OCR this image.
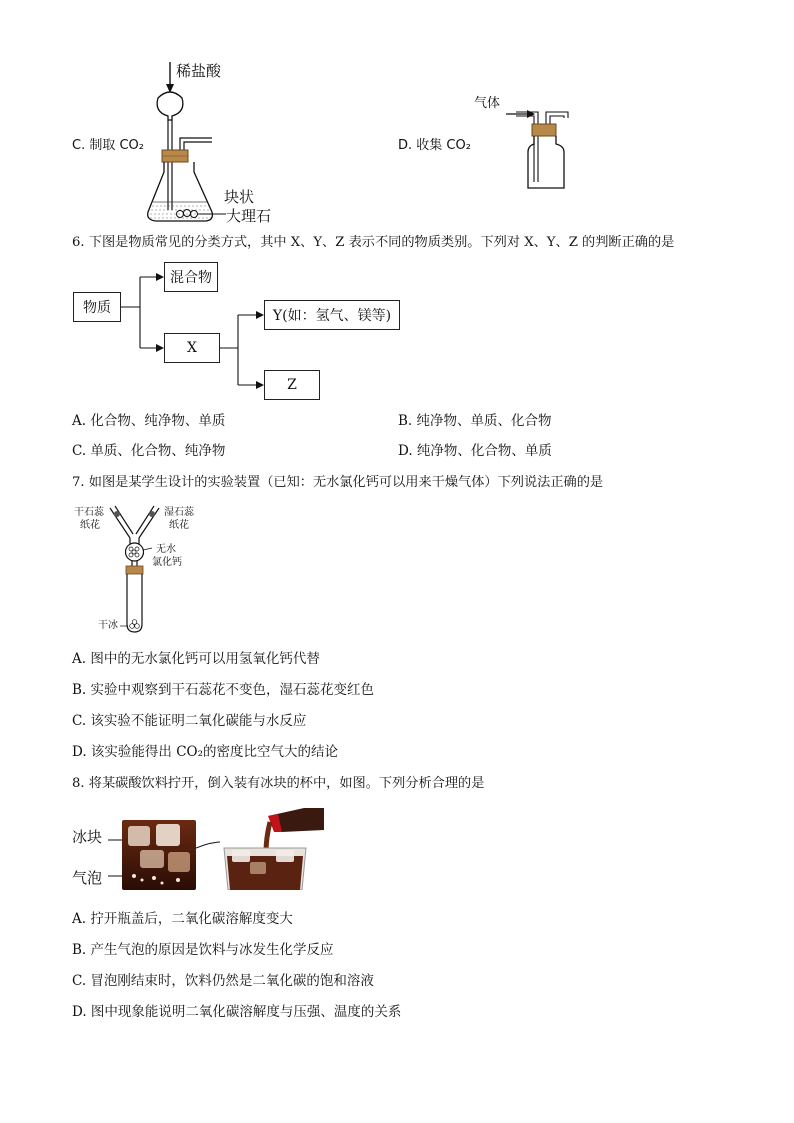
稀盐酸
C. 制取 CO₂
块状
大理石
气体
D. 收集 CO₂
6. 下图是物质常见的分类方式，其中 X、Y、Z 表示不同的物质类别。下列对 X、Y、Z 的判断正确的是
物质
混合物
X
Y(如：氢气、镁等)
Z
A. 化合物、纯净物、单质	B. 纯净物、单质、化合物
C. 单质、化合物、纯净物	D. 纯净物、化合物、单质
7. 如图是某学生设计的实验装置（已知：无水氯化钙可以用来干燥气体）下列说法正确的是
干石蕊
纸花
湿石蕊
纸花
无水
氯化钙
干冰
A. 图中的无水氯化钙可以用氢氧化钙代替
B. 实验中观察到干石蕊花不变色，湿石蕊花变红色
C. 该实验不能证明二氧化碳能与水反应
D. 该实验能得出 CO₂的密度比空气大的结论
8. 将某碳酸饮料拧开，倒入装有冰块的杯中，如图。下列分析合理的是
冰块
气泡
A. 拧开瓶盖后，二氧化碳溶解度变大
B. 产生气泡的原因是饮料与冰发生化学反应
C. 冒泡刚结束时，饮料仍然是二氧化碳的饱和溶液
D. 图中现象能说明二氧化碳溶解度与压强、温度的关系
